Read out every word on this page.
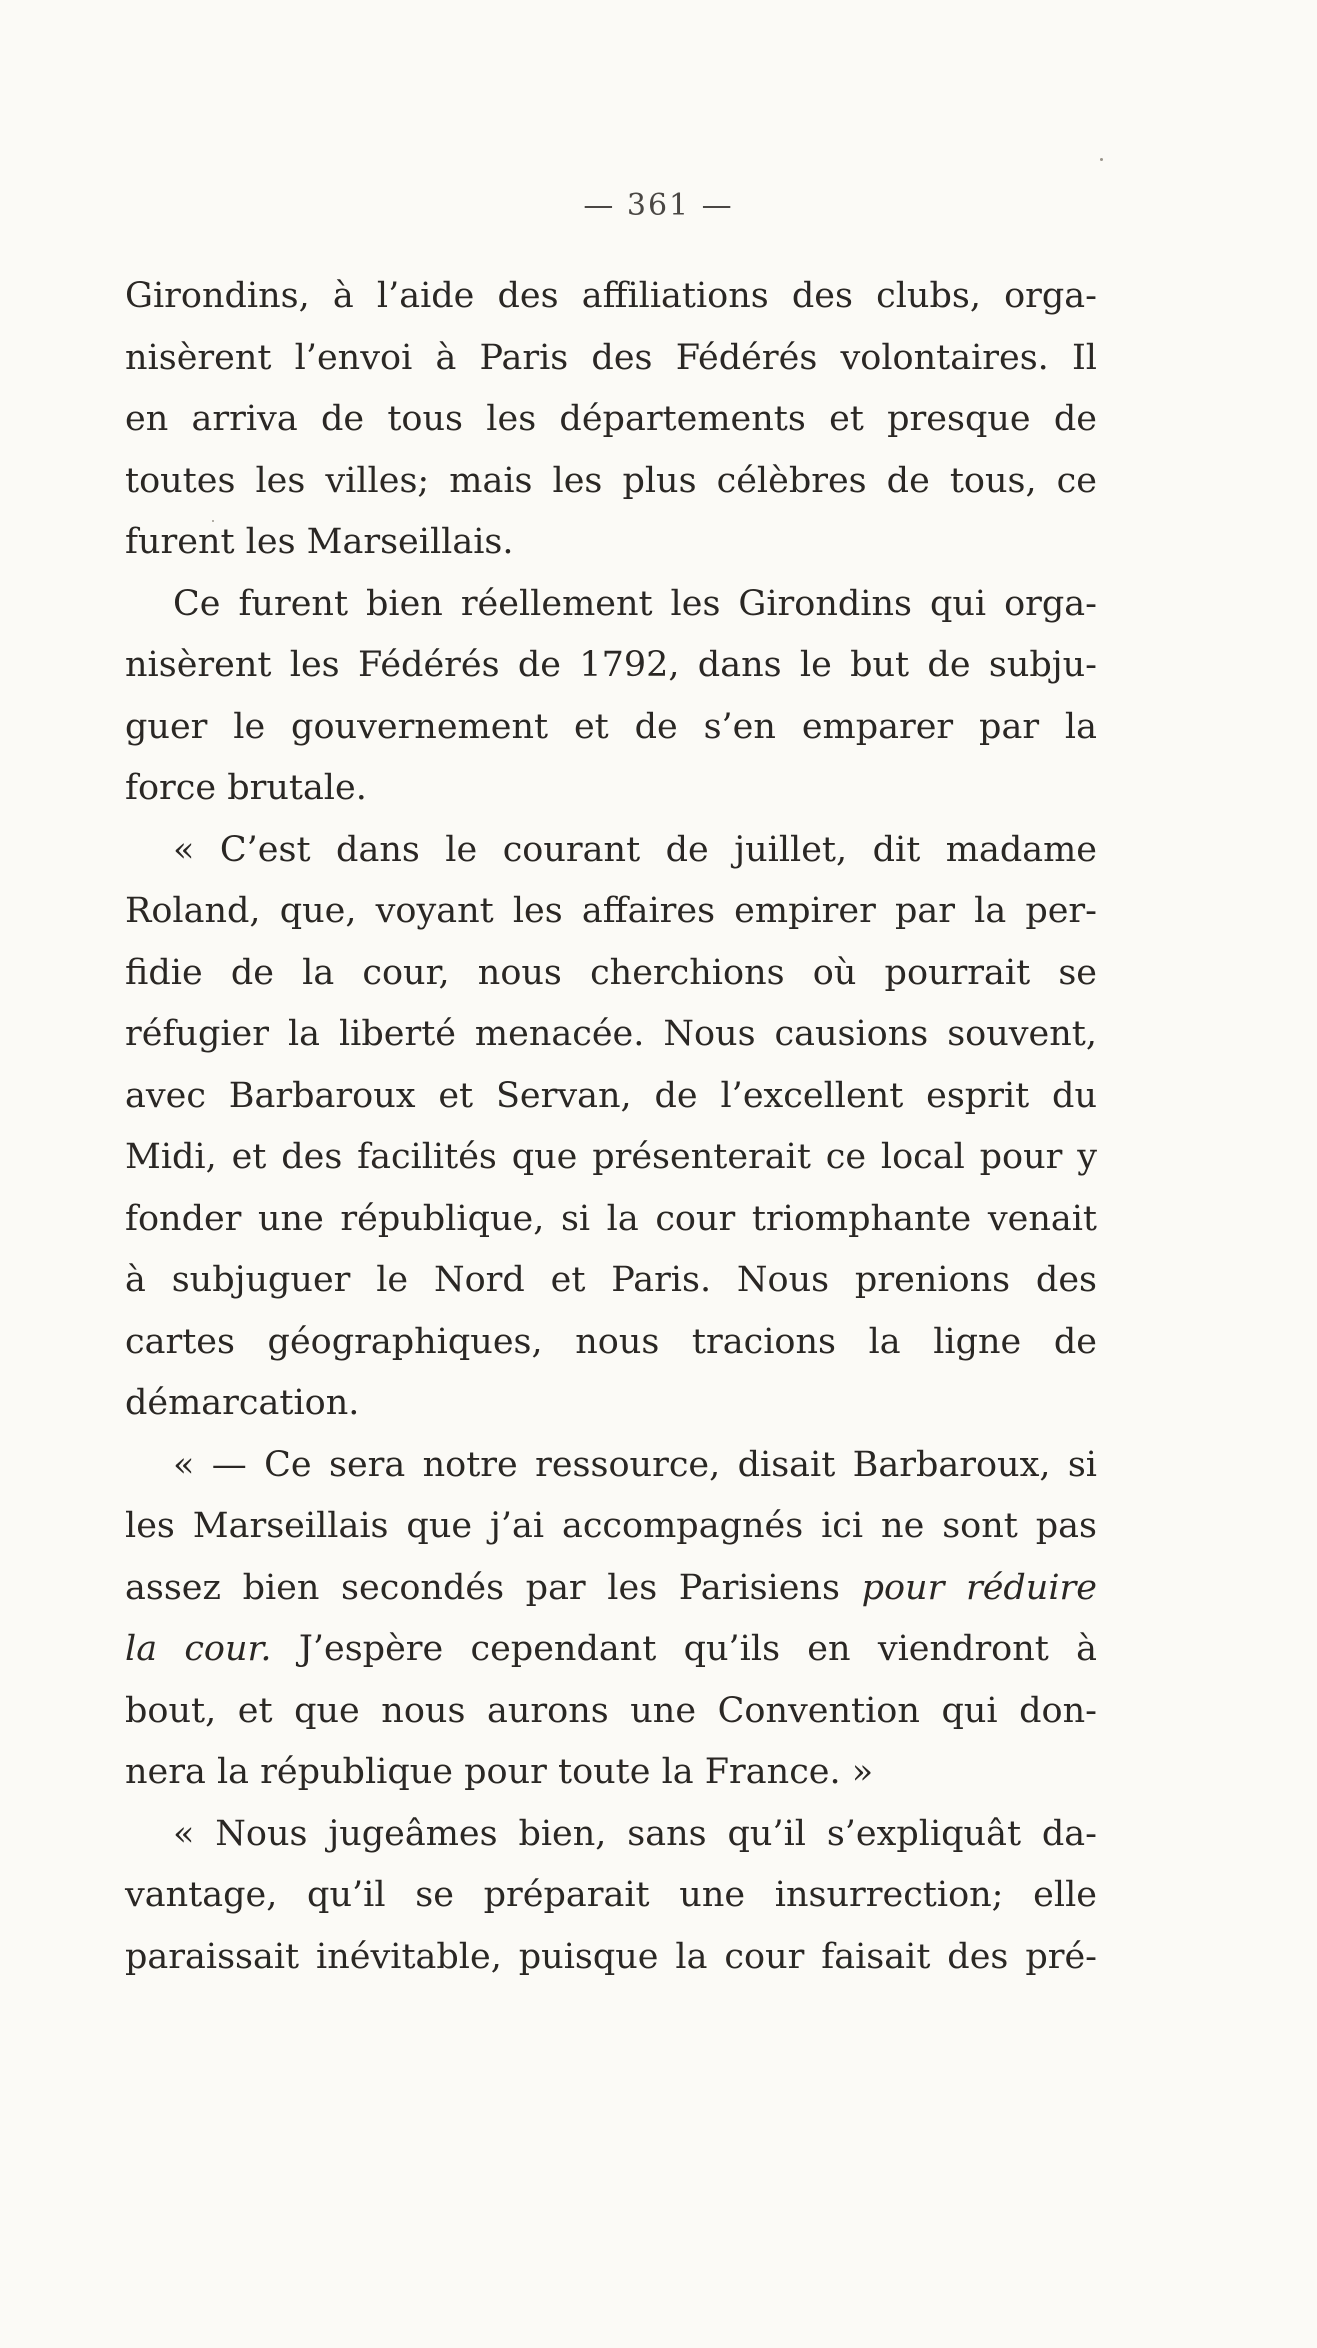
— 361 —
Girondins, à l’aide des affiliations des clubs, orga-
nisèrent l’envoi à Paris des Fédérés volontaires. Il
en arriva de tous les départements et presque de
toutes les villes; mais les plus célèbres de tous, ce
furent les Marseillais.
Ce furent bien réellement les Girondins qui orga-
nisèrent les Fédérés de 1792, dans le but de subju-
guer le gouvernement et de s’en emparer par la
force brutale.
« C’est dans le courant de juillet, dit madame
Roland, que, voyant les affaires empirer par la per-
fidie de la cour, nous cherchions où pourrait se
réfugier la liberté menacée. Nous causions souvent,
avec Barbaroux et Servan, de l’excellent esprit du
Midi, et des facilités que présenterait ce local pour y
fonder une république, si la cour triomphante venait
à subjuguer le Nord et Paris. Nous prenions des
cartes géographiques, nous tracions la ligne de
démarcation.
« — Ce sera notre ressource, disait Barbaroux, si
les Marseillais que j’ai accompagnés ici ne sont pas
assez bien secondés par les Parisiens pour réduire
la cour. J’espère cependant qu’ils en viendront à
bout, et que nous aurons une Convention qui don-
nera la république pour toute la France. »
« Nous jugeâmes bien, sans qu’il s’expliquât da-
vantage, qu’il se préparait une insurrection; elle
paraissait inévitable, puisque la cour faisait des pré-
